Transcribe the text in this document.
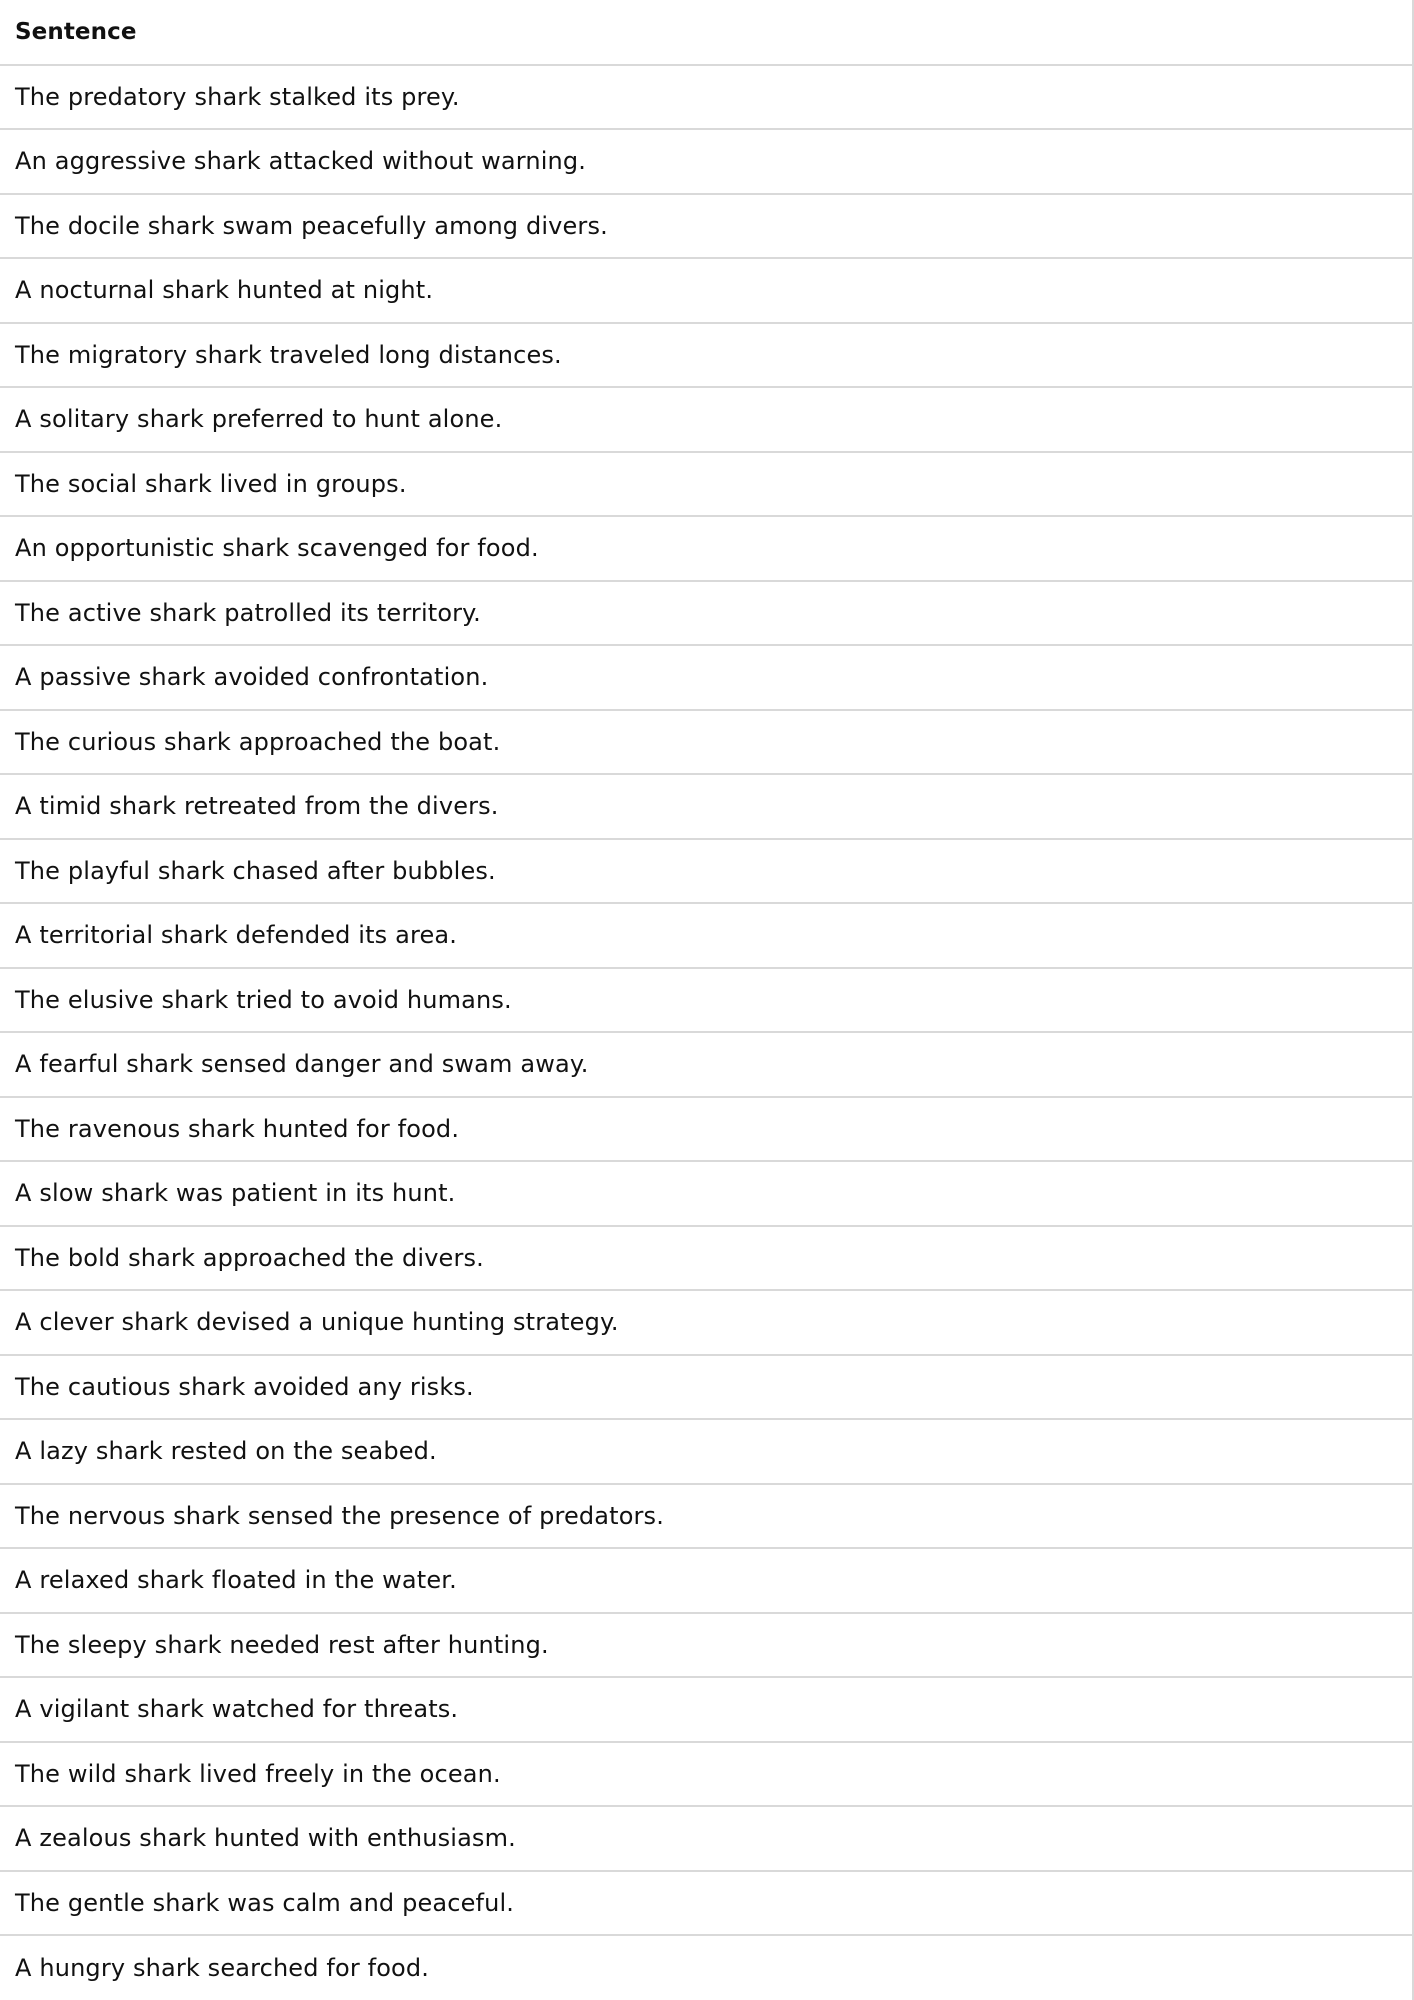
Sentence
The predatory shark stalked its prey.
An aggressive shark attacked without warning.
The docile shark swam peacefully among divers.
A nocturnal shark hunted at night.
The migratory shark traveled long distances.
A solitary shark preferred to hunt alone.
The social shark lived in groups.
An opportunistic shark scavenged for food.
The active shark patrolled its territory.
A passive shark avoided confrontation.
The curious shark approached the boat.
A timid shark retreated from the divers.
The playful shark chased after bubbles.
A territorial shark defended its area.
The elusive shark tried to avoid humans.
A fearful shark sensed danger and swam away.
The ravenous shark hunted for food.
A slow shark was patient in its hunt.
The bold shark approached the divers.
A clever shark devised a unique hunting strategy.
The cautious shark avoided any risks.
A lazy shark rested on the seabed.
The nervous shark sensed the presence of predators.
A relaxed shark floated in the water.
The sleepy shark needed rest after hunting.
A vigilant shark watched for threats.
The wild shark lived freely in the ocean.
A zealous shark hunted with enthusiasm.
The gentle shark was calm and peaceful.
A hungry shark searched for food.
